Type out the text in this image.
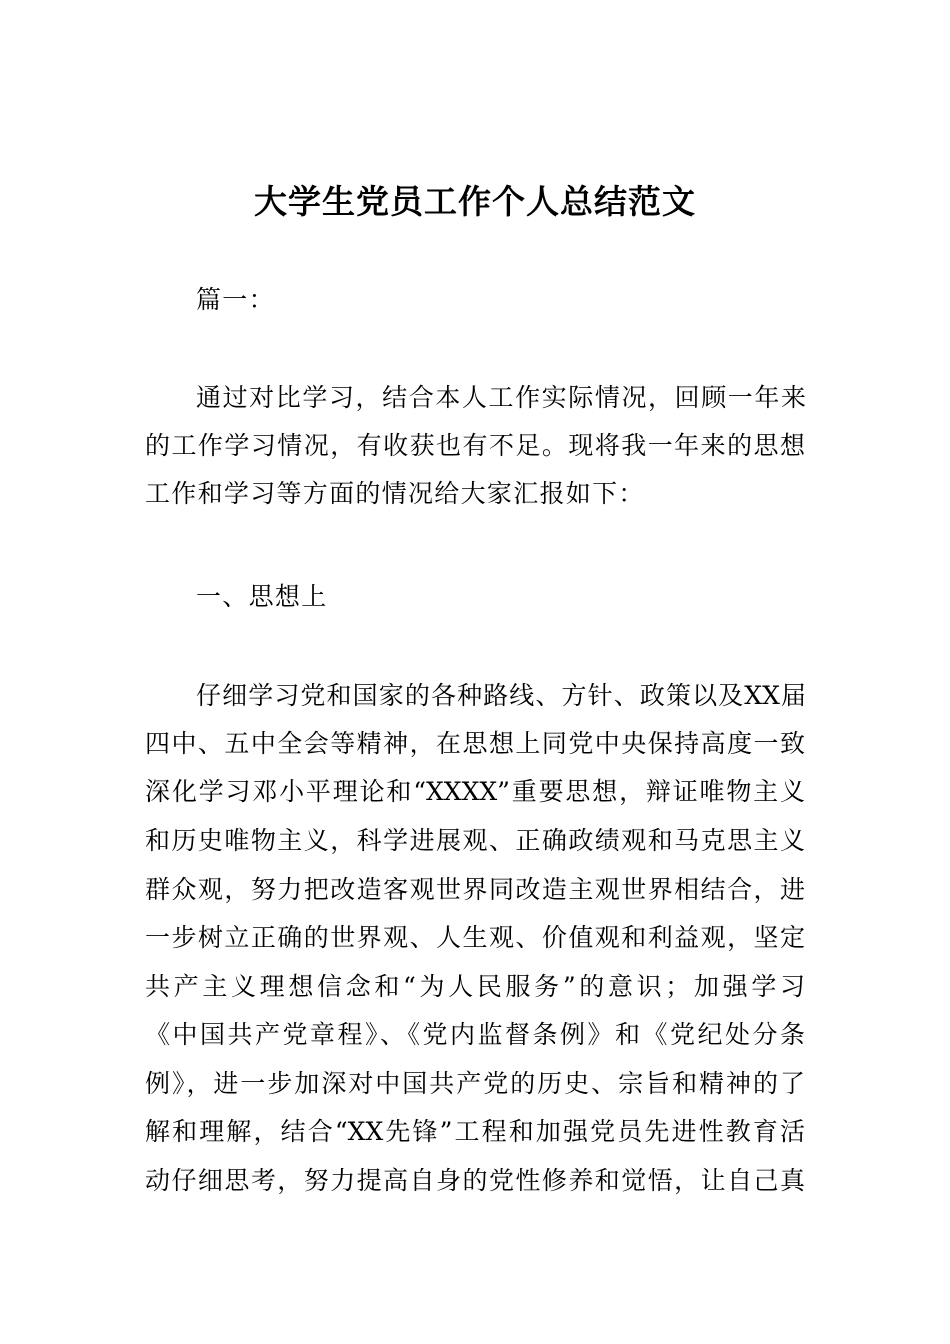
大学生党员工作个人总结范文
篇一：
通过对比学习，结合本人工作实际情况，回顾一年来
的工作学习情况，有收获也有不足。现将我一年来的思想
工作和学习等方面的情况给大家汇报如下：
一、思想上
仔细学习党和国家的各种路线、方针、政策以及XX届
四中、五中全会等精神，在思想上同党中央保持高度一致
深化学习邓小平理论和“XXXX”重要思想，辩证唯物主义
和历史唯物主义，科学进展观、正确政绩观和马克思主义
群众观，努力把改造客观世界同改造主观世界相结合，进
一步树立正确的世界观、人生观、价值观和利益观，坚定
共产主义理想信念和“为人民服务”的意识；加强学习
《中国共产党章程》、《党内监督条例》和《党纪处分条
例》，进一步加深对中国共产党的历史、宗旨和精神的了
解和理解，结合“XX先锋”工程和加强党员先进性教育活
动仔细思考，努力提高自身的党性修养和觉悟，让自己真
